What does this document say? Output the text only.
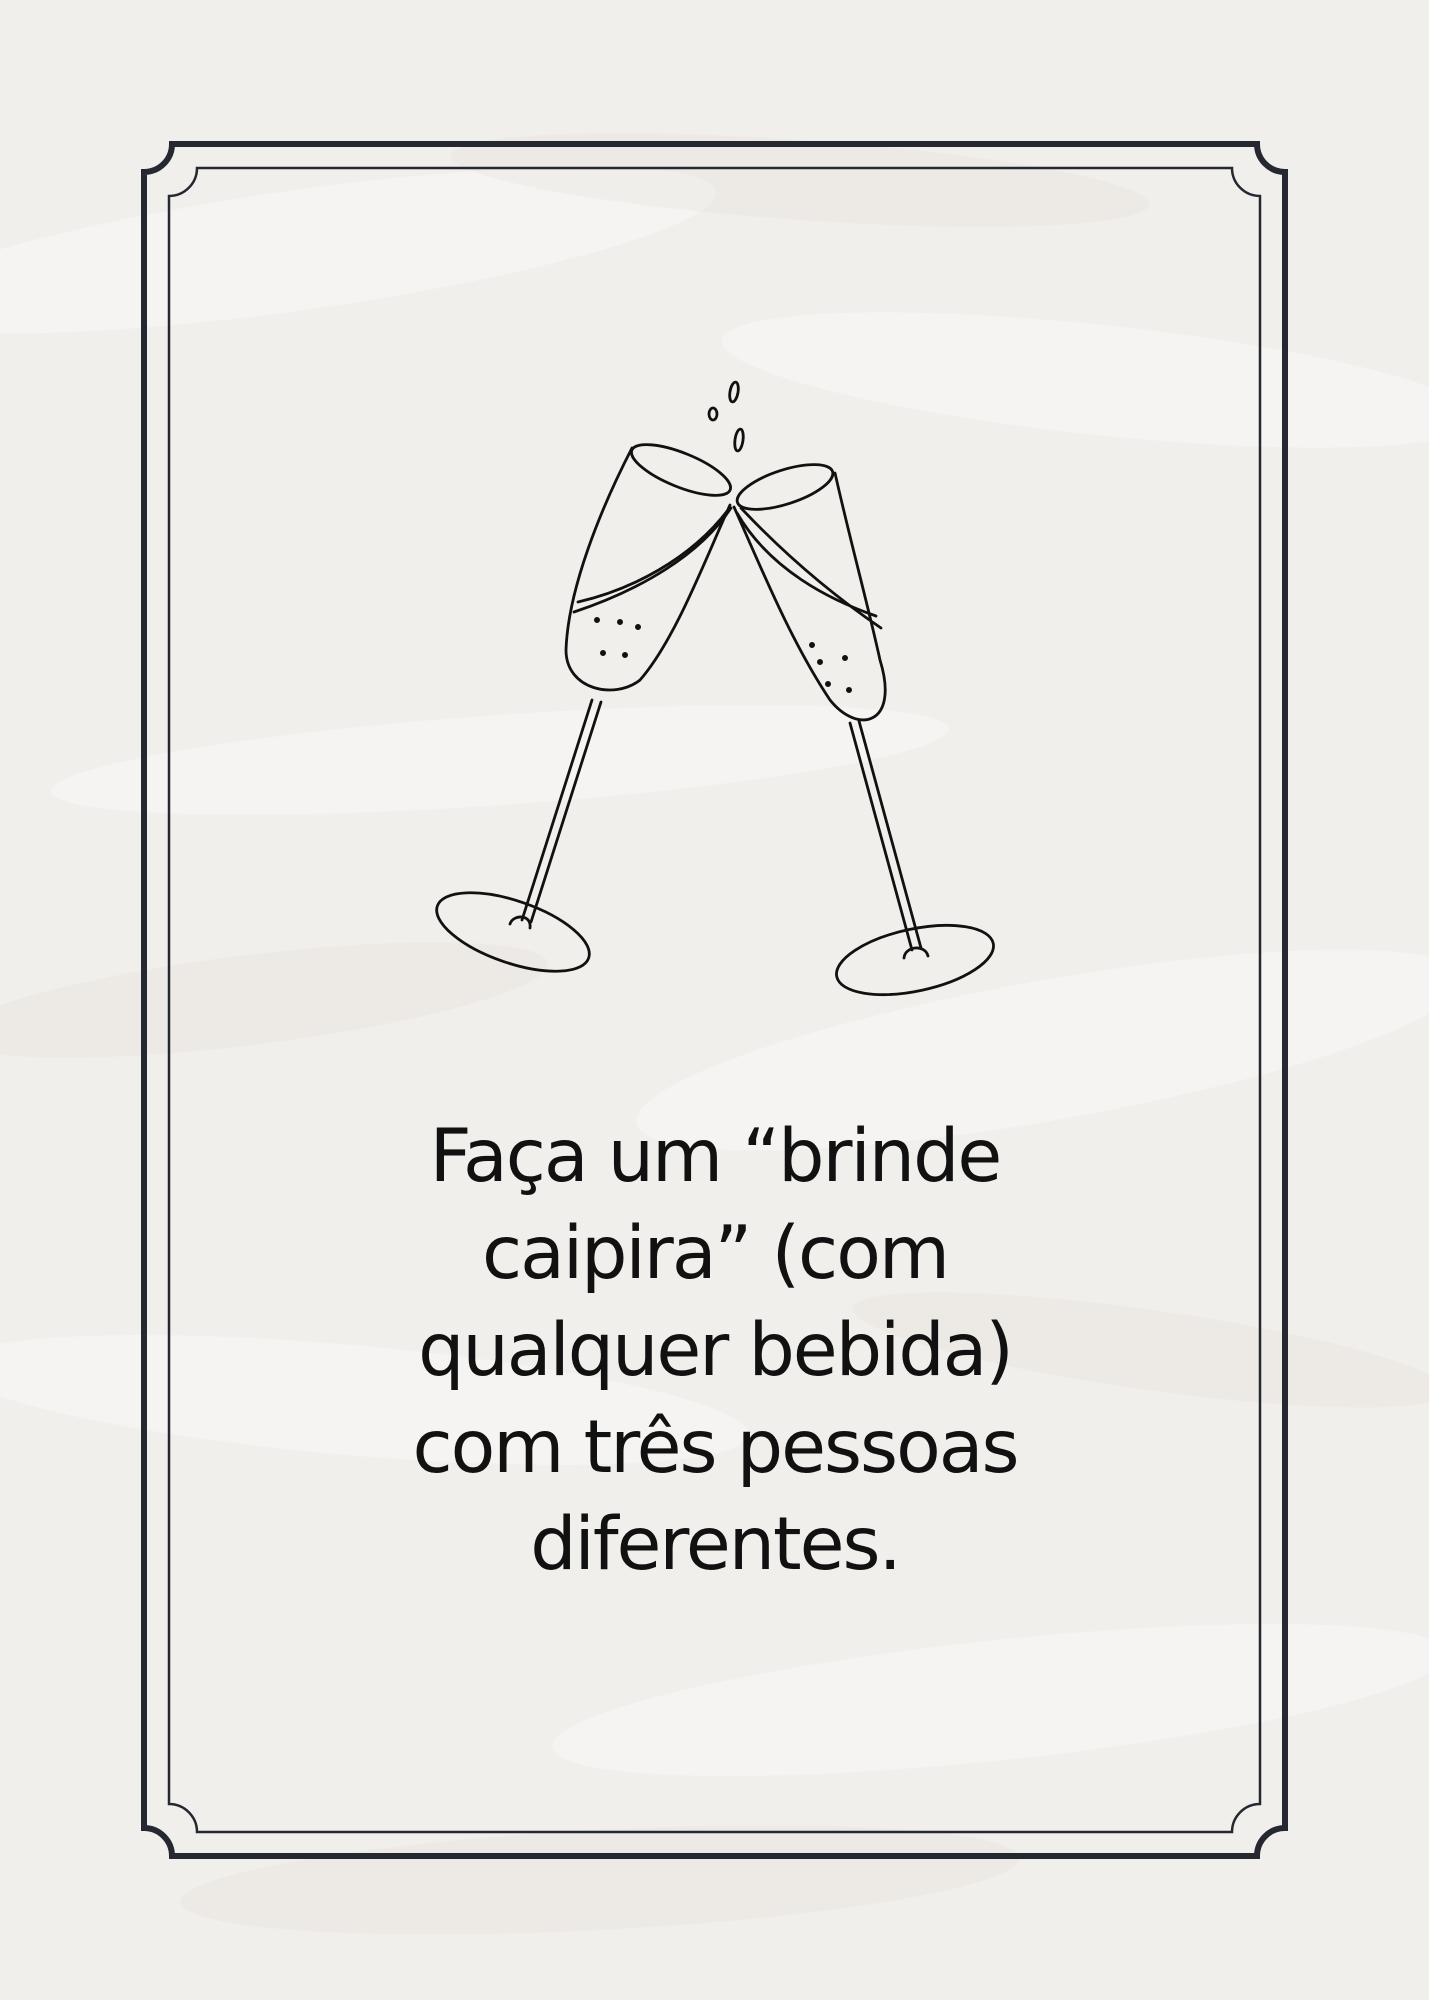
Faça um “brinde
caipira” (com
qualquer bebida)
com três pessoas
diferentes.
